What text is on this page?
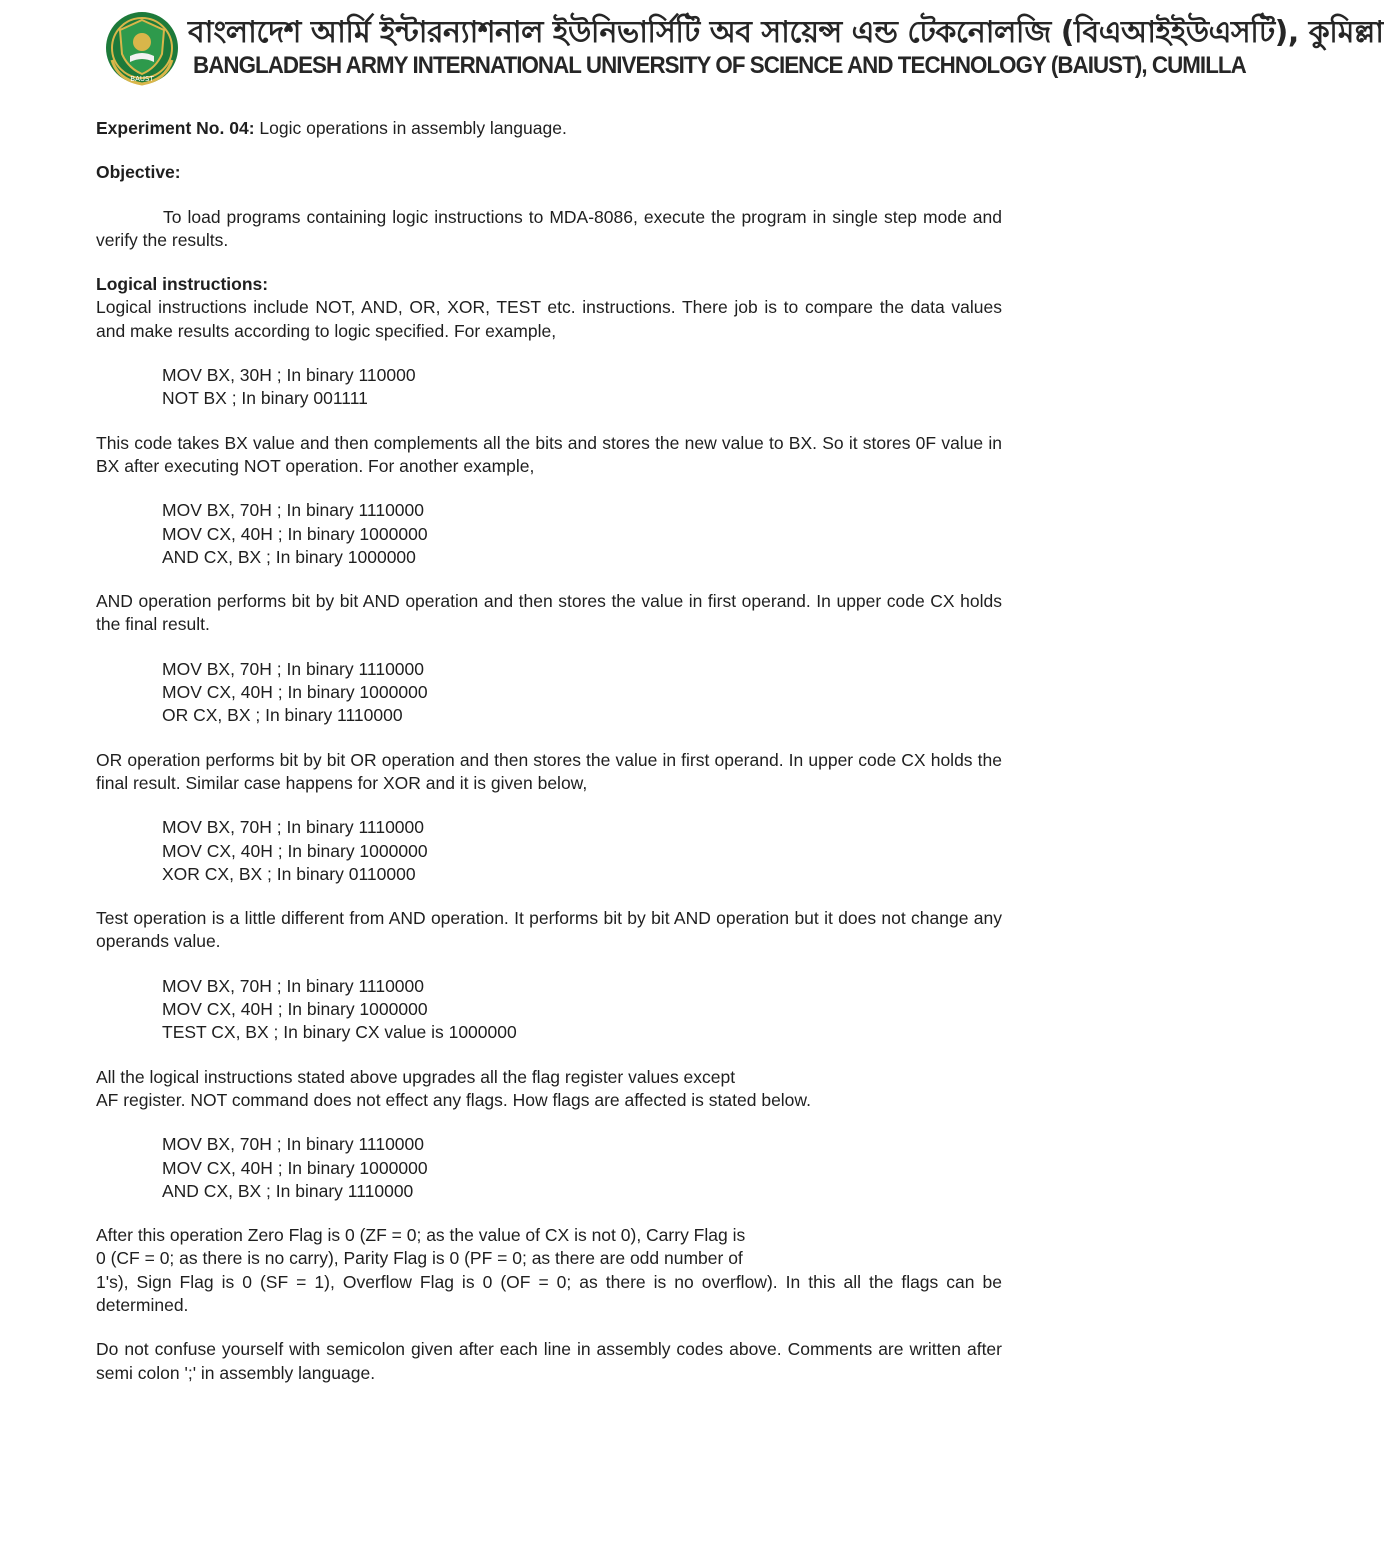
BAUST
বাংলাদেশ আর্মি ইন্টারন্যাশনাল ইউনিভার্সিটি অব সায়েন্স এন্ড টেকনোলজি (বিএআইইউএসটি), কুমিল্লা
BANGLADESH ARMY INTERNATIONAL UNIVERSITY OF SCIENCE AND TECHNOLOGY (BAIUST), CUMILLA

Experiment No. 04: Logic operations in assembly language.

Objective:

To load programs containing logic instructions to MDA-8086, execute the program in single step mode and verify the results.

Logical instructions:

Logical instructions include NOT, AND, OR, XOR, TEST etc. instructions. There job is to compare the data values and make results according to logic specified. For example,

MOV BX, 30H ; In binary 110000
NOT BX ; In binary 001111

This code takes BX value and then complements all the bits and stores the new value to BX. So it stores 0F value in BX after executing NOT operation. For another example,

MOV BX, 70H ; In binary 1110000
MOV CX, 40H ; In binary 1000000
AND CX, BX ; In binary 1000000

AND operation performs bit by bit AND operation and then stores the value in first operand. In upper code CX holds the final result.

MOV BX, 70H ; In binary 1110000
MOV CX, 40H ; In binary 1000000
OR CX, BX ; In binary 1110000

OR operation performs bit by bit OR operation and then stores the value in first operand. In upper code CX holds the final result. Similar case happens for XOR and it is given below,

MOV BX, 70H ; In binary 1110000
MOV CX, 40H ; In binary 1000000
XOR CX, BX ; In binary 0110000

Test operation is a little different from AND operation. It performs bit by bit AND operation but it does not change any operands value.

MOV BX, 70H ; In binary 1110000
MOV CX, 40H ; In binary 1000000
TEST CX, BX ; In binary CX value is 1000000

All the logical instructions stated above upgrades all the flag register values except

AF register. NOT command does not effect any flags. How flags are affected is stated below.

MOV BX, 70H ; In binary 1110000
MOV CX, 40H ; In binary 1000000
AND CX, BX ; In binary 1110000

After this operation Zero Flag is 0 (ZF = 0; as the value of CX is not 0), Carry Flag is

0 (CF = 0; as there is no carry), Parity Flag is 0 (PF = 0; as there are odd number of

1's), Sign Flag is 0 (SF = 1), Overflow Flag is 0 (OF = 0; as there is no overflow). In this all the flags can be determined.

Do not confuse yourself with semicolon given after each line in assembly codes above. Comments are written after semi colon ';' in assembly language.
